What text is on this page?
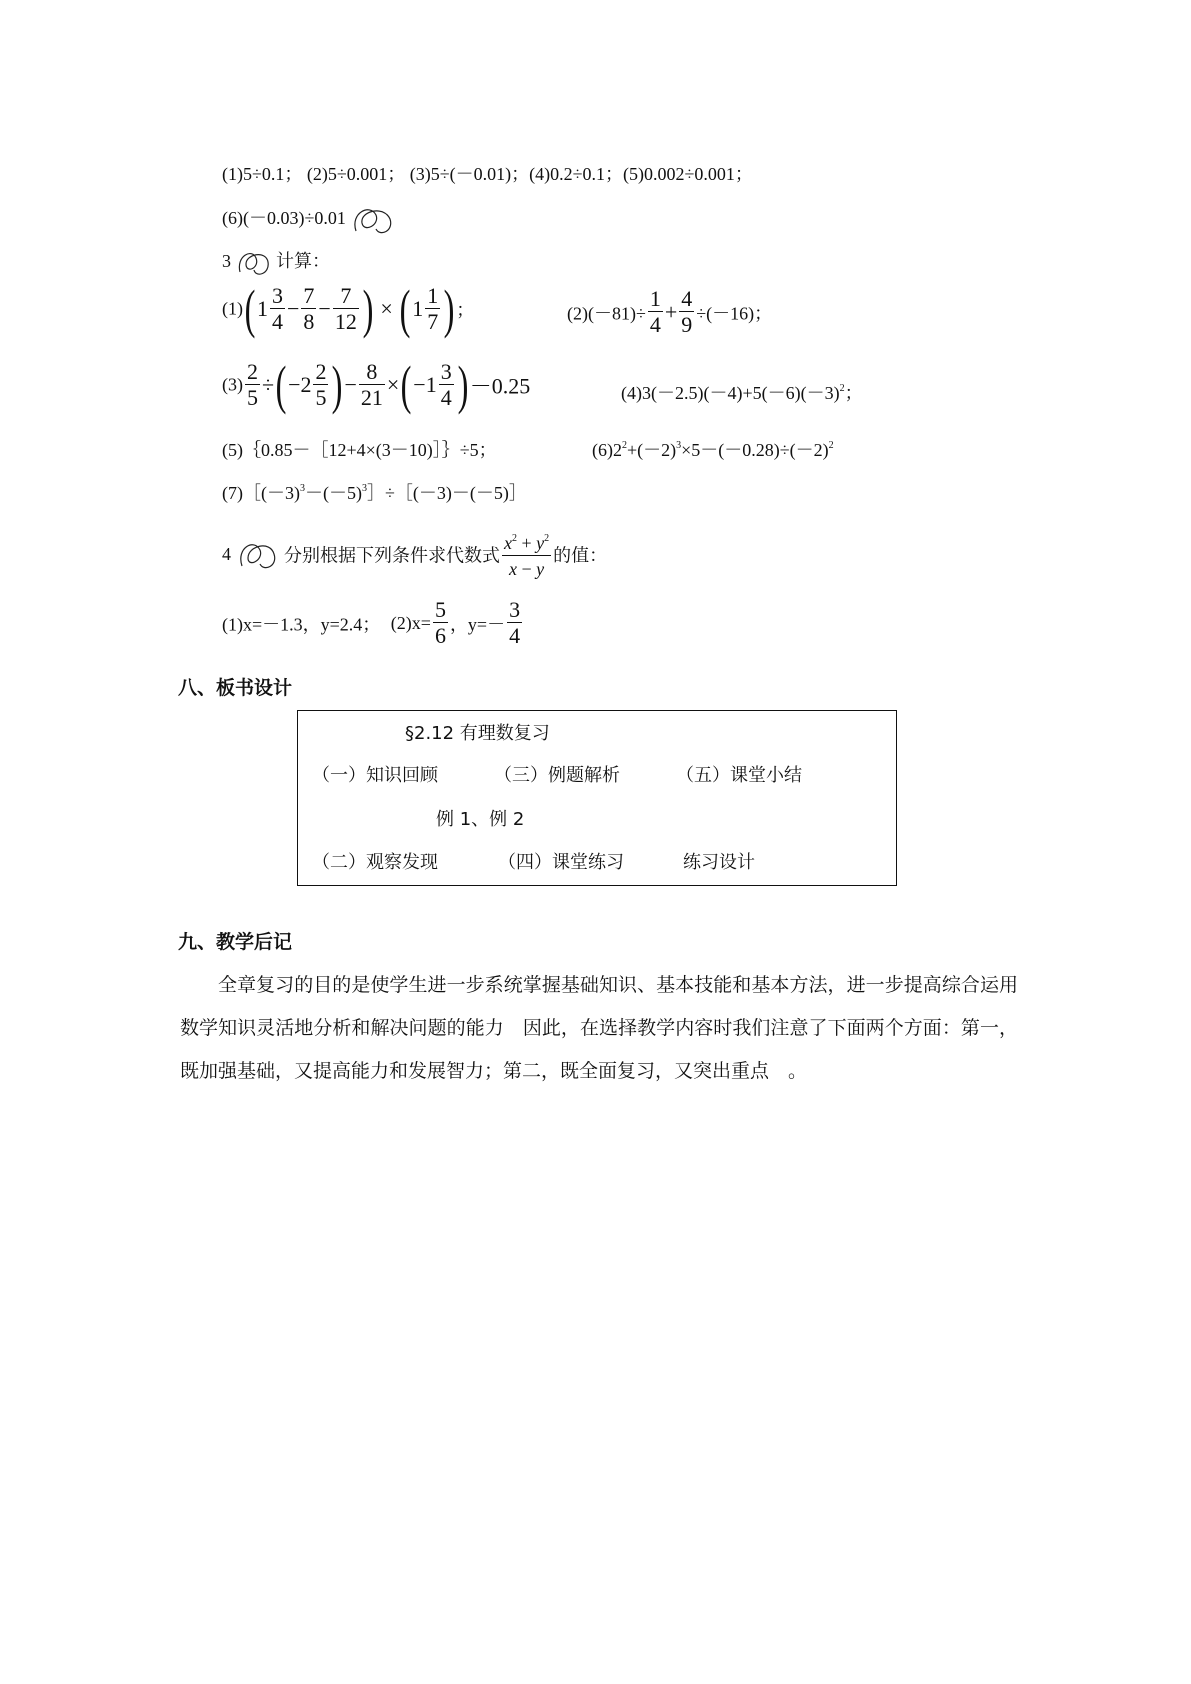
(1)5÷0.1； (2)5÷0.001； (3)5÷(－0.01)；(4)0.2÷0.1；(5)0.002÷0.001；
(6)(－0.03)÷0.01
3	计算：
$(1)(1 \frac{3}{4} - \frac{7}{8} - \frac{7}{12}$ ) × ($1 \frac{1}{7}$ )；	$(2)(-81)\div \frac{1}{4} + \frac{4}{9} \div(-16)$；
$(3) \frac{2}{5} \div(-2 \frac{2}{5}$ )− $\frac{8}{21} \times(-1 \frac{3}{4} )-0.25$	$(4)3(-2.5)(-4)+5(-6)(-3)^2$；
(5)｛0.85－［12+4×(3－10)］｝÷5；	$(6)2^2+(-2)^3\times 5-(-0.28)\div(-2)^2$
$(7)[(-3)^3-(-5)^3]\div[(-3)-(-5)]$
4	分别根据下列条件求代数式 $\frac{x^2 + y^2}{x - y}$ 的值：
(1)x=－1.3，y=2.4； $(2)x= \frac{5}{6}$ ，$y=- \frac{3}{4}$
八、板书设计
§2.12 有理数复习
（一）知识回顾	（三）例题解析	（五）课堂小结
例 1、例 2
（二）观察发现	（四）课堂练习	练习设计
九、教学后记
全章复习的目的是使学生进一步系统掌握基础知识、基本技能和基本方法，进一步提高综合运用数学知识灵活地分析和解决问题的能力　因此，在选择教学内容时我们注意了下面两个方面：第一，既加强基础，又提高能力和发展智力；第二，既全面复习，又突出重点　。
